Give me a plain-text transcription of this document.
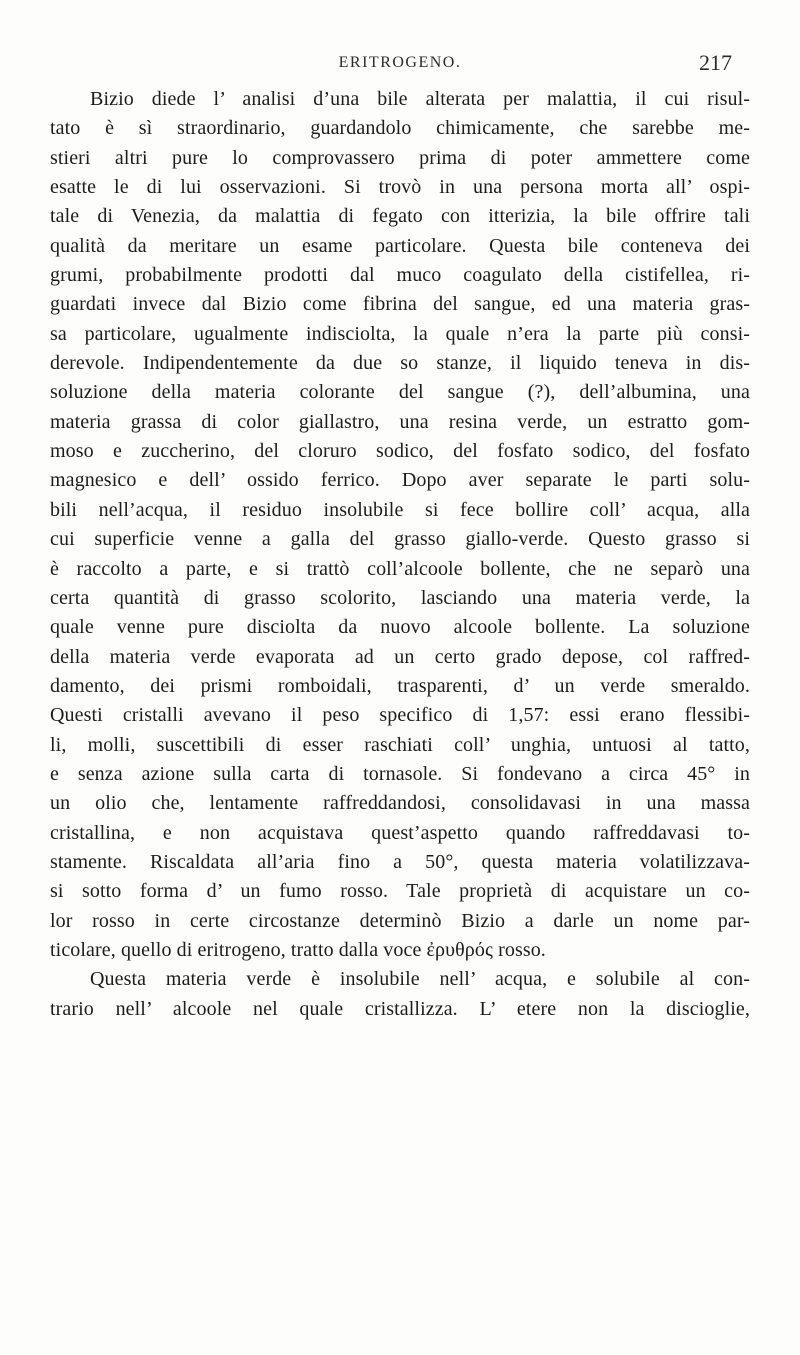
ERITROGENO.	217
Bizio diede l’ analisi d’una bile alterata per malattia, il cui risul-
tato è sì straordinario, guardandolo chimicamente, che sarebbe me-
stieri altri pure lo comprovassero prima di poter ammettere come
esatte le di lui osservazioni. Si trovò in una persona morta all’ ospi-
tale di Venezia, da malattia di fegato con itterizia, la bile offrire tali
qualità da meritare un esame particolare. Questa bile conteneva dei
grumi, probabilmente prodotti dal muco coagulato della cistifellea, ri-
guardati invece dal Bizio come fibrina del sangue, ed una materia gras-
sa particolare, ugualmente indisciolta, la quale n’era la parte più consi-
derevole. Indipendentemente da due so stanze, il liquido teneva in dis-
soluzione della materia colorante del sangue (?), dell’albumina, una
materia grassa di color giallastro, una resina verde, un estratto gom-
moso e zuccherino, del cloruro sodico, del fosfato sodico, del fosfato
magnesico e dell’ ossido ferrico. Dopo aver separate le parti solu-
bili nell’acqua, il residuo insolubile si fece bollire coll’ acqua, alla
cui superficie venne a galla del grasso giallo-verde. Questo grasso si
è raccolto a parte, e si trattò coll’alcoole bollente, che ne separò una
certa quantità di grasso scolorito, lasciando una materia verde, la
quale venne pure disciolta da nuovo alcoole bollente. La soluzione
della materia verde evaporata ad un certo grado depose, col raffred-
damento, dei prismi romboidali, trasparenti, d’ un verde smeraldo.
Questi cristalli avevano il peso specifico di 1,57: essi erano flessibi-
li, molli, suscettibili di esser raschiati coll’ unghia, untuosi al tatto,
e senza azione sulla carta di tornasole. Si fondevano a circa 45° in
un olio che, lentamente raffreddandosi, consolidavasi in una massa
cristallina, e non acquistava quest’aspetto quando raffreddavasi to-
stamente. Riscaldata all’aria fino a 50°, questa materia volatilizzava-
si sotto forma d’ un fumo rosso. Tale proprietà di acquistare un co-
lor rosso in certe circostanze determinò Bizio a darle un nome par-
ticolare, quello di eritrogeno, tratto dalla voce ἐρυθρός rosso.
Questa materia verde è insolubile nell’ acqua, e solubile al con-
trario nell’ alcoole nel quale cristallizza. L’ etere non la discioglie,
